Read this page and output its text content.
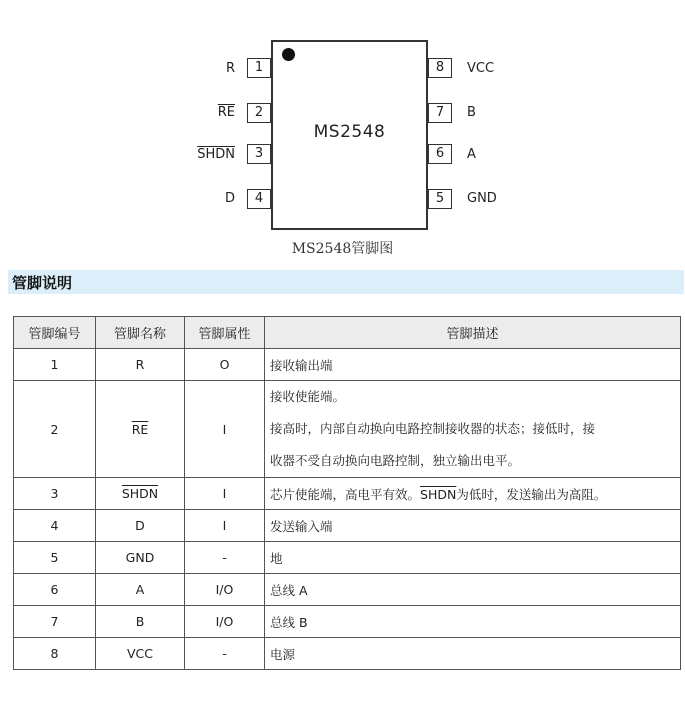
MS2548
R	1
$\overline{RE}$	2
SHDN	3
D	4
8	VCC
7	B
6	A
5	GND
MS2548管脚图
管脚说明
管脚编号	管脚名称	管脚属性	管脚描述
1	R	O	接收输出端
2	$\overline{RE}$	I	接收使能端。
接高时，内部自动换向电路控制接收器的状态；接低时，接
收器不受自动换向电路控制，独立输出电平。

3	SHDN	I	芯片使能端，高电平有效。SHDN为低时，发送输出为高阻。
4	D	I	发送输入端
5	GND	-	地
6	A	I/O	总线 A
7	B	I/O	总线 B
8	VCC	-	电源
